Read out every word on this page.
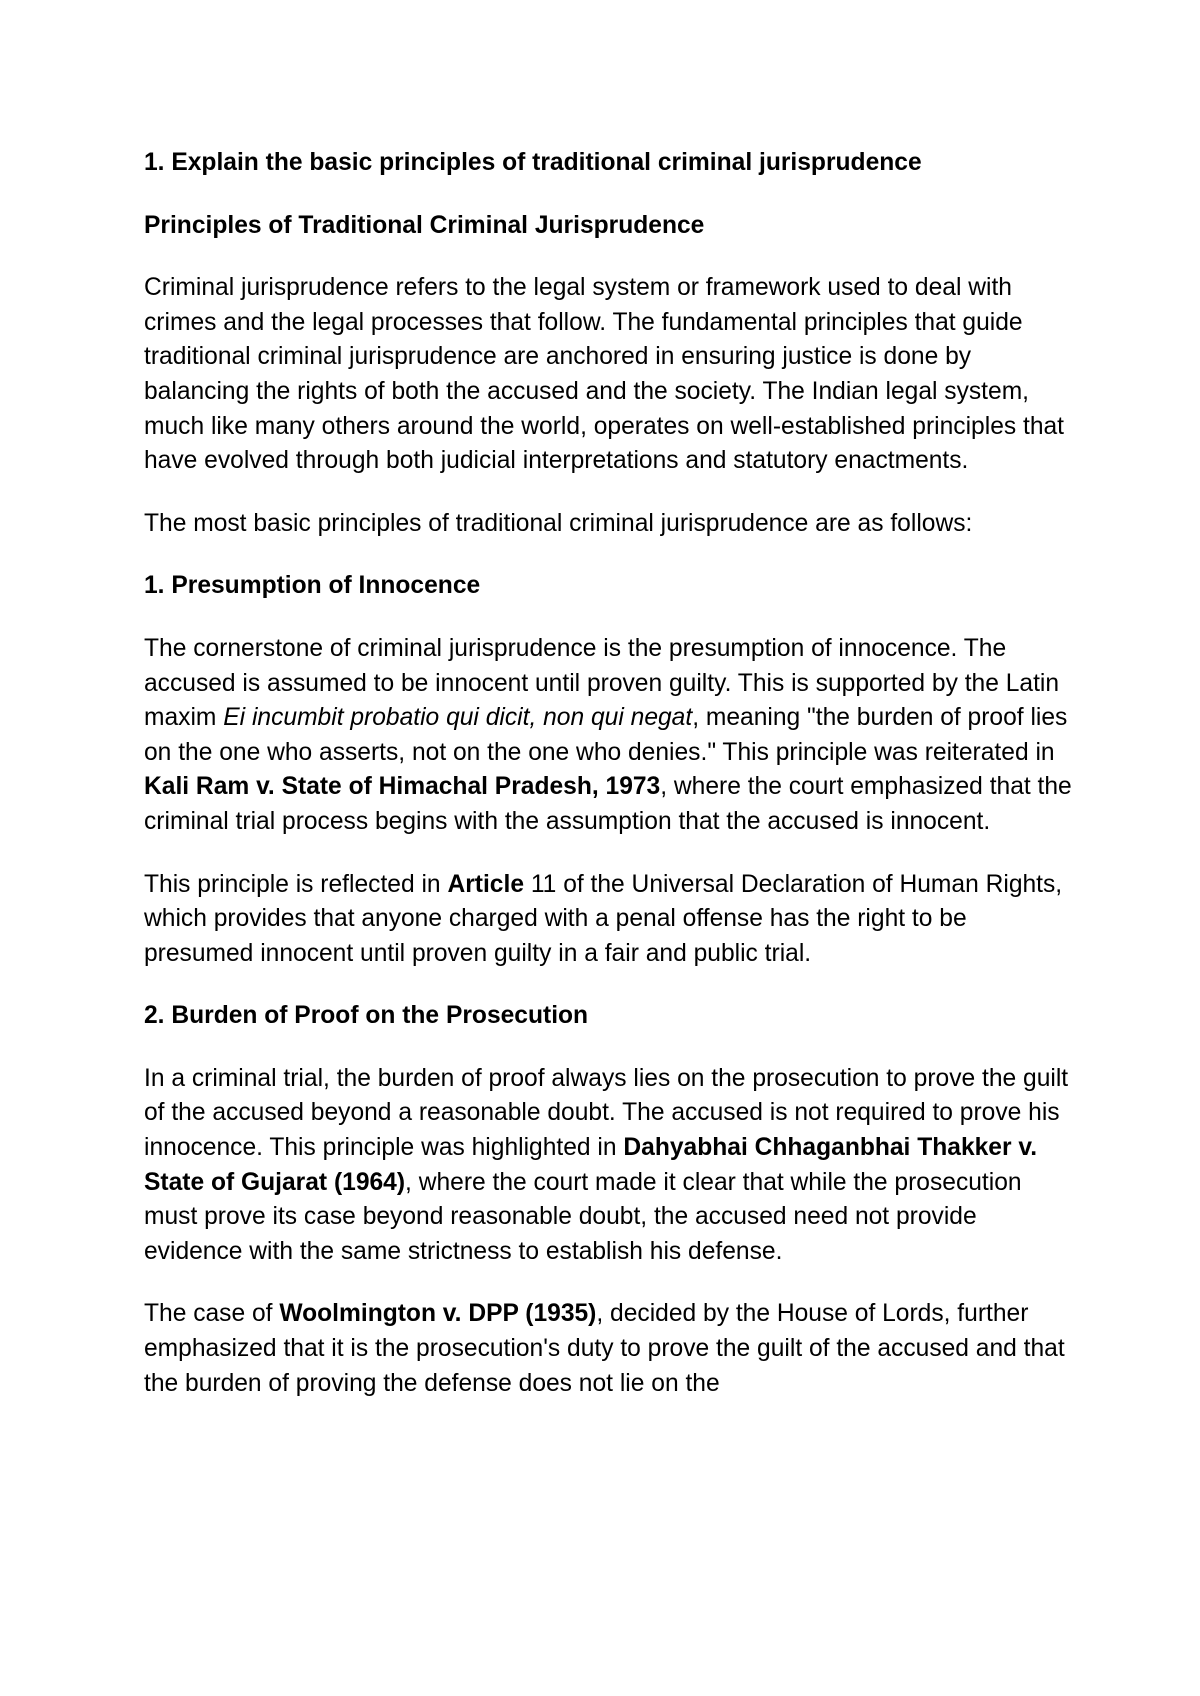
1. Explain the basic principles of traditional criminal jurisprudence
Principles of Traditional Criminal Jurisprudence

Criminal jurisprudence refers to the legal system or framework used to deal with crimes and the legal processes that follow. The fundamental principles that guide traditional criminal jurisprudence are anchored in ensuring justice is done by balancing the rights of both the accused and the society. The Indian legal system, much like many others around the world, operates on well-established principles that have evolved through both judicial interpretations and statutory enactments.

The most basic principles of traditional criminal jurisprudence are as follows:

1. Presumption of Innocence

The cornerstone of criminal jurisprudence is the presumption of innocence. The accused is assumed to be innocent until proven guilty. This is supported by the Latin maxim Ei incumbit probatio qui dicit, non qui negat, meaning "the burden of proof lies on the one who asserts, not on the one who denies." This principle was reiterated in Kali Ram v. State of Himachal Pradesh, 1973, where the court emphasized that the criminal trial process begins with the assumption that the accused is innocent.

This principle is reflected in Article 11 of the Universal Declaration of Human Rights, which provides that anyone charged with a penal offense has the right to be presumed innocent until proven guilty in a fair and public trial.

2. Burden of Proof on the Prosecution

In a criminal trial, the burden of proof always lies on the prosecution to prove the guilt of the accused beyond a reasonable doubt. The accused is not required to prove his innocence. This principle was highlighted in Dahyabhai Chhaganbhai Thakker v. State of Gujarat (1964), where the court made it clear that while the prosecution must prove its case beyond reasonable doubt, the accused need not provide evidence with the same strictness to establish his defense.

The case of Woolmington v. DPP (1935), decided by the House of Lords, further emphasized that it is the prosecution's duty to prove the guilt of the accused and that the burden of proving the defense does not lie on the
